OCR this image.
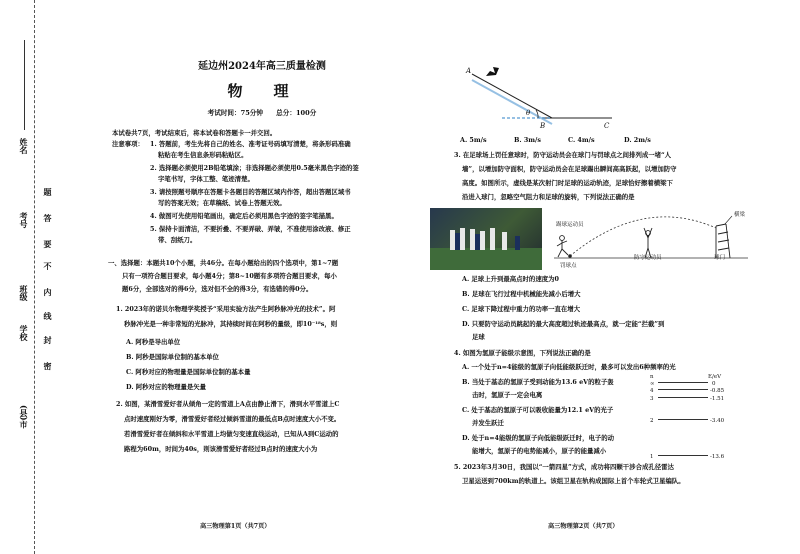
姓名
考号
班级
学校
(县)市
题
答
要
不
内
线
封
密
延边州2024年高三质量检测
物　理
考试时间：75分钟　　总分：100分

本试卷共7页，考试结束后，将本试卷和答题卡一并交回。

注意事项： 1. 答题前，考生先将自己的姓名、准考证号码填写清楚，将条形码准确

粘贴在考生信息条形码粘贴区。

2. 选择题必须使用2B铅笔填涂；非选择题必须使用0.5毫米黑色字迹的签

字笔书写，字体工整、笔迹清楚。

3. 请按照题号顺序在答题卡各题目的答题区域内作答，超出答题区域书

写的答案无效；在草稿纸、试卷上答题无效。

4. 做图可先使用铅笔画出，确定后必须用黑色字迹的签字笔描黑。

5. 保持卡面清洁，不要折叠、不要弄破、弄皱，不准使用涂改液、修正

带、刮纸刀。

一、选择题：本题共10个小题，共46分。在每小题给出的四个选项中，第1~7题

只有一项符合题目要求，每小题4分；第8~10题有多项符合题目要求，每小

题6分，全部选对的得6分，选对但不全的得3分，有选错的得0分。

1. 2023年的诺贝尔物理学奖授予“采用实验方法产生阿秒脉冲光的技术”。阿

秒脉冲光是一种非常短的光脉冲，其持续时间在阿秒的量级，即10⁻¹⁸s，则

A. 阿秒是导出单位

B. 阿秒是国际单位制的基本单位

C. 阿秒对应的物理量是国际单位制的基本量

D. 阿秒对应的物理量是矢量

2. 如图，某滑雪爱好者从倾角一定的雪道上A点由静止滑下，滑到水平雪道上C

点时速度刚好为零，滑雪爱好者经过倾斜雪道的最低点B点时速度大小不变。

若滑雪爱好者在倾斜和水平雪道上均做匀变速直线运动，已知从A到C运动的

路程为60m，时间为40s，则该滑雪爱好者经过B点时的速度大小为

高三物理第1页（共7页）
A
θ
B	C
A. 5m/s	B. 3m/s	C. 4m/s	D. 2m/s

3. 在足球场上罚任意球时，防守运动员会在球门与罚球点之间排列成一堵“人

墙”，以增加防守面积，防守运动员会在足球踢出瞬间高高跃起，以增加防守

高度。如图所示，虚线是某次射门时足球的运动轨迹，足球恰好擦着横梁下

沿进入球门，忽略空气阻力和足球的旋转，下列说法正确的是

踢球运动员
罚球点
防守运动员	球门
横梁

A. 足球上升到最高点时的速度为0

B. 足球在飞行过程中机械能先减小后增大

C. 足球下降过程中重力的功率一直在增大

D. 只要防守运动员跳起的最大高度超过轨迹最高点，就一定能“拦截”到

足球

4. 如图为氢原子能级示意图，下列说法正确的是

A. 一个处于n=4能级的氢原子向低能级跃迁时，最多可以发出6种频率的光

B. 当处于基态的氢原子受到动能为13.6 eV的粒子轰

击时，氢原子一定会电离

C. 处于基态的氢原子可以吸收能量为12.1 eV的光子

并发生跃迁

D. 处于n=4能级的氢原子向低能级跃迁时，电子的动

能增大，氢原子的电势能减小，原子的能量减小

n	E/eV
∞	0
4	-0.85
3	-1.51
2	-3.40
1	-13.6

5. 2023年3月30日，我国以“一箭四星”方式，成功将四颗干涉合成孔径雷达

卫星运送到700km的轨道上。该组卫星在轨构成国际上首个车轮式卫星编队。

高三物理第2页（共7页）
